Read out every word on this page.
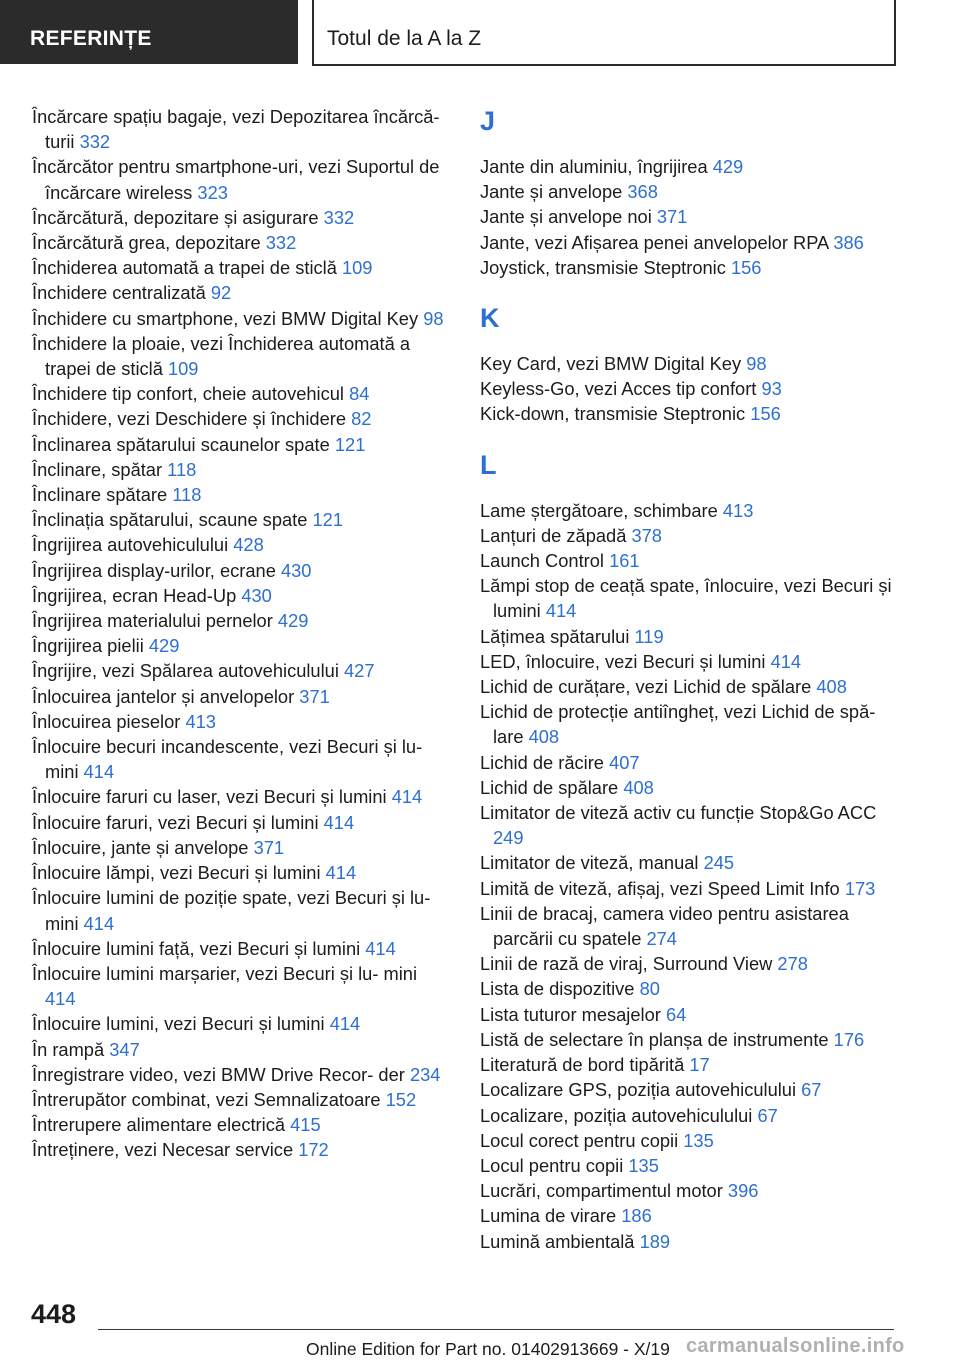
REFERINȚE	Totul de la A la Z
Încărcare spațiu bagaje, vezi Depozitarea încărcă‐ turii 332
Încărcător pentru smartphone-uri, vezi Suportul de încărcare wireless 323
Încărcătură, depozitare și asigurare 332
Încărcătură grea, depozitare 332
Închiderea automată a trapei de sticlă 109
Închidere centralizată 92
Închidere cu smartphone, vezi BMW Digital Key 98
Închidere la ploaie, vezi Închiderea automată a trapei de sticlă 109
Închidere tip confort, cheie autovehicul 84
Închidere, vezi Deschidere și închidere 82
Înclinarea spătarului scaunelor spate 121
Înclinare, spătar 118
Înclinare spătare 118
Înclinația spătarului, scaune spate 121
Îngrijirea autovehiculului 428
Îngrijirea display-urilor, ecrane 430
Îngrijirea, ecran Head-Up 430
Îngrijirea materialului pernelor 429
Îngrijirea pielii 429
Îngrijire, vezi Spălarea autovehiculului 427
Înlocuirea jantelor și anvelopelor 371
Înlocuirea pieselor 413
Înlocuire becuri incandescente, vezi Becuri și lu‐ mini 414
Înlocuire faruri cu laser, vezi Becuri și lumini 414
Înlocuire faruri, vezi Becuri și lumini 414
Înlocuire, jante și anvelope 371
Înlocuire lămpi, vezi Becuri și lumini 414
Înlocuire lumini de poziție spate, vezi Becuri și lu‐ mini 414
Înlocuire lumini față, vezi Becuri și lumini 414
Înlocuire lumini marșarier, vezi Becuri și lu‐ mini 414
Înlocuire lumini, vezi Becuri și lumini 414
În rampă 347
Înregistrare video, vezi BMW Drive Recor‐ der 234
Întrerupător combinat, vezi Semnalizatoare 152
Întrerupere alimentare electrică 415
Întreținere, vezi Necesar service 172
J
Jante din aluminiu, îngrijirea 429
Jante și anvelope 368
Jante și anvelope noi 371
Jante, vezi Afișarea penei anvelopelor RPA 386
Joystick, transmisie Steptronic 156
K
Key Card, vezi BMW Digital Key 98
Keyless-Go, vezi Acces tip confort 93
Kick-down, transmisie Steptronic 156
L
Lame ștergătoare, schimbare 413
Lanțuri de zăpadă 378
Launch Control 161
Lămpi stop de ceață spate, înlocuire, vezi Becuri și lumini 414
Lățimea spătarului 119
LED, înlocuire, vezi Becuri și lumini 414
Lichid de curățare, vezi Lichid de spălare 408
Lichid de protecție antiîngheț, vezi Lichid de spă‐ lare 408
Lichid de răcire 407
Lichid de spălare 408
Limitator de viteză activ cu funcție Stop&Go ACC 249
Limitator de viteză, manual 245
Limită de viteză, afișaj, vezi Speed Limit Info 173
Linii de bracaj, camera video pentru asistarea parcării cu spatele 274
Linii de rază de viraj, Surround View 278
Lista de dispozitive 80
Lista tuturor mesajelor 64
Listă de selectare în planșa de instrumente 176
Literatură de bord tipărită 17
Localizare GPS, poziția autovehiculului 67
Localizare, poziția autovehiculului 67
Locul corect pentru copii 135
Locul pentru copii 135
Lucrări, compartimentul motor 396
Lumina de virare 186
Lumină ambientală 189
448
Online Edition for Part no. 01402913669 - X/19 carmanualsonline.info
